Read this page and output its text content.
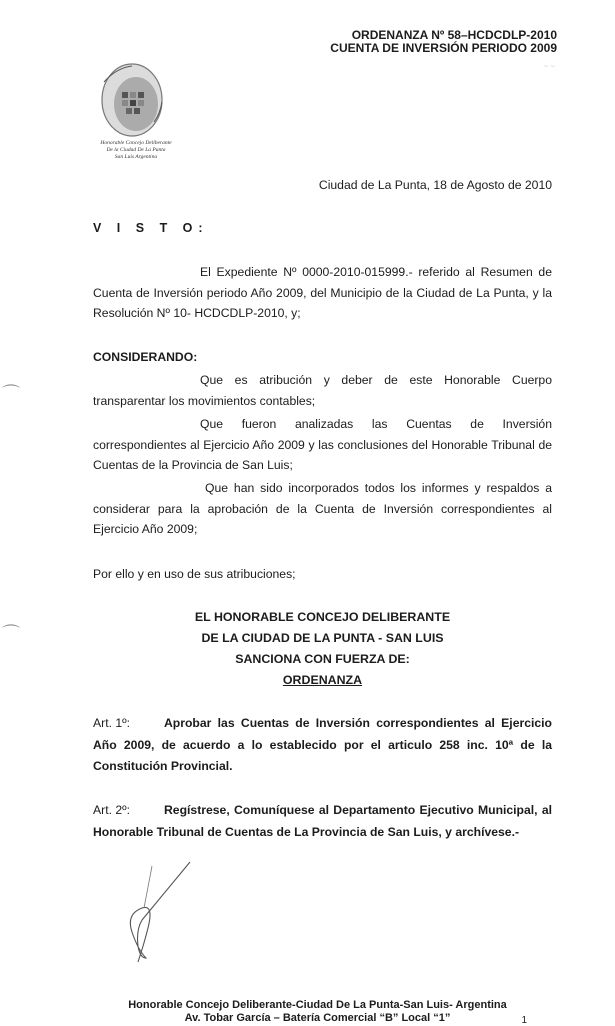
ORDENANZA Nº 58–HCDCDLP-2010
CUENTA DE INVERSIÓN PERIODO 2009
~ ~
Honorable Concejo Deliberante
De la Ciudad De La Punta
San Luis Argentina
Ciudad de La Punta, 18 de Agosto de 2010
V I S T O:
El Expediente Nº 0000-2010-015999.- referido al Resumen de Cuenta de Inversión periodo Año 2009, del Municipio de la Ciudad de La Punta, y la Resolución Nº 10- HCDCDLP-2010, y;
CONSIDERANDO:
Que es atribución y deber de este Honorable Cuerpo transparentar los movimientos contables;
Que fueron analizadas las Cuentas de Inversión correspondientes al Ejercicio Año 2009 y las conclusiones del Honorable Tribunal de Cuentas de la Provincia de San Luis;
Que han sido incorporados todos los informes y respaldos a considerar para la aprobación de la Cuenta de Inversión correspondientes al Ejercicio Año 2009;
Por ello y en uso de sus atribuciones;
EL HONORABLE CONCEJO DELIBERANTE
DE LA CIUDAD DE LA PUNTA - SAN LUIS
SANCIONA CON FUERZA DE:
ORDENANZA
Art. 1º:	Aprobar las Cuentas de Inversión correspondientes al Ejercicio Año 2009, de acuerdo a lo establecido por el articulo 258 inc. 10ª de la Constitución Provincial.
Art. 2º:	Regístrese, Comuníquese al Departamento Ejecutivo Municipal, al Honorable Tribunal de Cuentas de La Provincia de San Luis, y archívese.-
⌒
⌒
Honorable Concejo Deliberante-Ciudad De La Punta-San Luis- Argentina
Av. Tobar García – Batería Comercial “B” Local “1”	1
